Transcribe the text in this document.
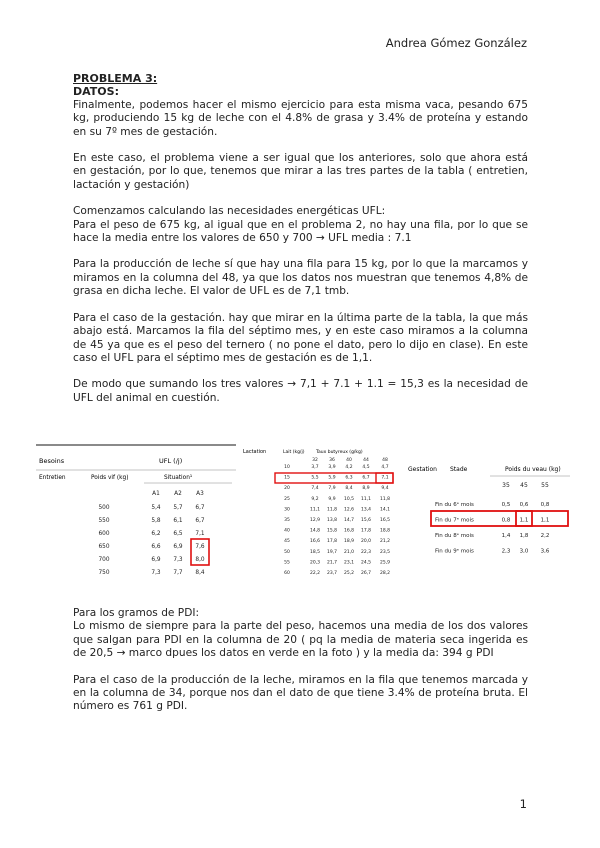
Andrea Gómez González
PROBLEMA 3:
DATOS:

Finalmente, podemos hacer el mismo ejercicio para esta misma vaca, pesando 675 kg, produciendo 15 kg de leche con el 4.8% de grasa y 3.4% de proteína y estando en su 7º mes de gestación.

En este caso, el problema viene a ser igual que los anteriores, solo que ahora está en gestación, por lo que, tenemos que mirar a las tres partes de la tabla ( entretien, lactación y gestación)

Comenzamos calculando las necesidades energéticas UFL:
Para el peso de 675 kg, al igual que en el problema 2, no hay una fila, por lo que se hace la media entre los valores de 650 y 700 → UFL media : 7.1

Para la producción de leche sí que hay una fila para 15 kg, por lo que la marcamos y miramos en la columna del 48, ya que los datos nos muestran que tenemos 4,8% de grasa en dicha leche. El valor de UFL es de 7,1 tmb.

Para el caso de la gestación. hay que mirar en la última parte de la tabla, la que más abajo está. Marcamos la fila del séptimo mes, y en este caso miramos a la columna de 45 ya que es el peso del ternero ( no pone el dato, pero lo dijo en clase). En este caso el UFL para el séptimo mes de gestación es de 1,1.

De modo que sumando los tres valores → 7,1 + 7.1 + 1.1 = 15,3 es la necesidad de UFL del animal en cuestión.

Besoins	UFL (/j)
Entretien	Poids vif (kg)	Situation¹
A1 A2 A3
500	5,4 5,7 6,7
550	5,8 6,1 6,7
600	6,2 6,5 7,1
650	6,6 6,9 7,6
700	6,9 7,3 8,0
750	7,3 7,7 8,4
Lactation	Lait (kg/j)	Taux butyreux (g/kg)
32	36	40	44	48
10	3,7 3,9 4,2 4,5	4,7
15	5,5 5,9 6,3 6,7	7,1
20	7,4 7,9 8,4 8,9	9,4
25	9,2 9,9 10,5 11,1 11,8
30	11,1 11,8 12,6 13,4 14,1
35	12,9 13,8 14,7 15,6 16,5
40	14,8 15,8 16,8 17,8 18,8
45	16,6 17,8 18,9 20,0 21,2
50	18,5 19,7 21,0 22,3 23,5
55	20,3 21,7 23,1 24,5 25,9
60	22,2 23,7 25,2 26,7 28,2
Gestation Stade	Poids du veau (kg)
35 45 55
Fin du 6ᵉ mois	0,5 0,6 0,8
Fin du 7ᵉ mois	0,8 1,1 1,1
Fin du 8ᵉ mois	1,4 1,8 2,2
Fin du 9ᵉ mois	2,3 3,0 3,6

Para los gramos de PDI:
Lo mismo de siempre para la parte del peso, hacemos una media de los dos valores que salgan para PDI en la columna de 20 ( pq la media de materia seca ingerida es de 20,5 → marco dpues los datos en verde en la foto ) y la media da: 394 g PDI

Para el caso de la producción de la leche, miramos en la fila que tenemos marcada y en la columna de 34, porque nos dan el dato de que tiene 3.4% de proteína bruta. El número es 761 g PDI.

1
